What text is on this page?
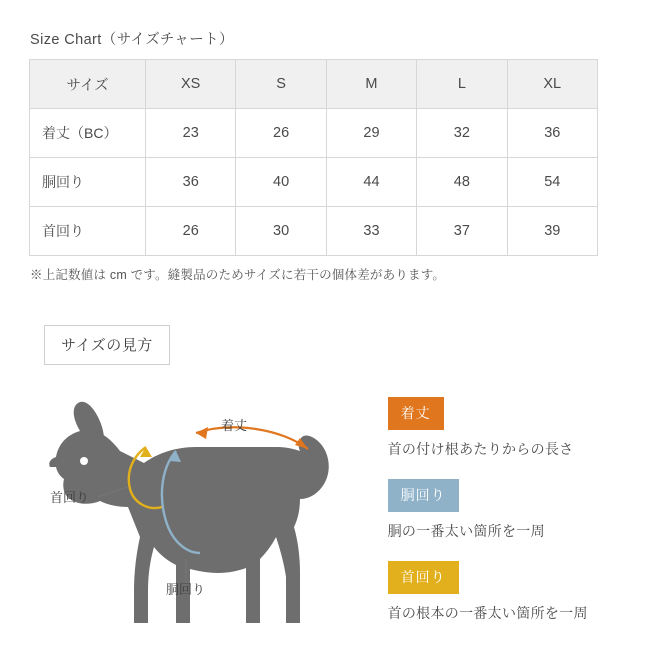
Size Chart（サイズチャート）
サイズ	XS	S	M	L	XL
着丈（BC）	23	26	29	32	36
胴回り	36	40	44	48	54
首回り	26	30	33	37	39
※上記数値は cm です。縫製品のためサイズに若干の個体差があります。
サイズの見方
着丈
首回り
胴回り
着丈
首の付け根あたりからの長さ
胴回り
胴の一番太い箇所を一周
首回り
首の根本の一番太い箇所を一周
